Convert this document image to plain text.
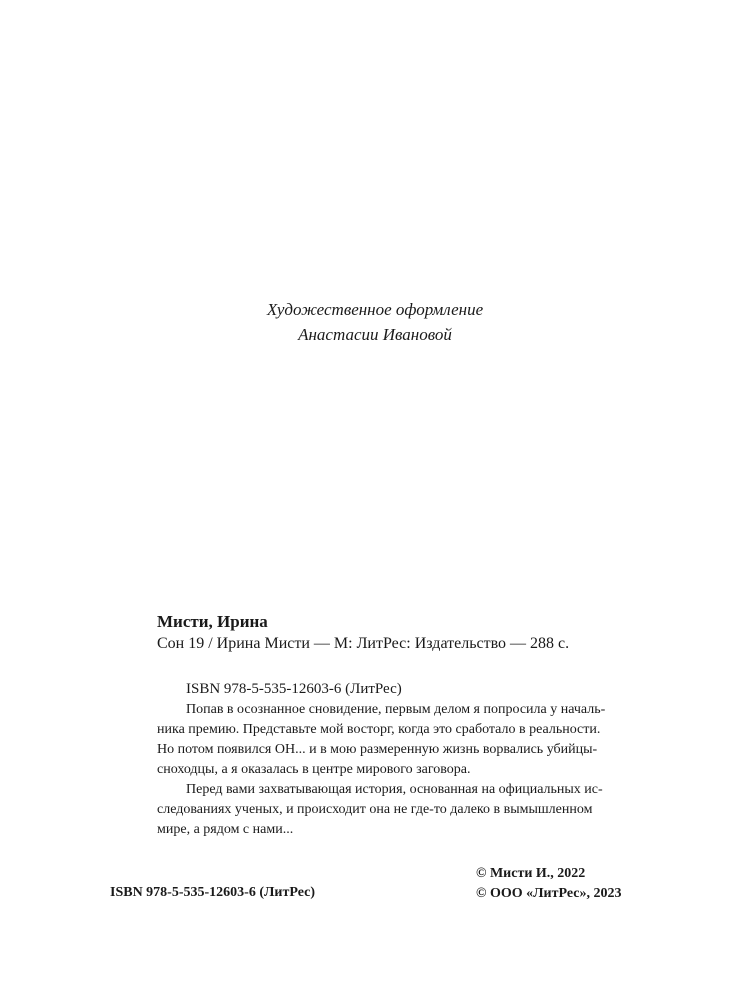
Художественное оформление
Анастасии Ивановой

Мисти, Ирина

Сон 19 / Ирина Мисти — М: ЛитРес: Издательство — 288 с.

ISBN 978-5-535-12603-6 (ЛитРес)
Попав в осознанное сновидение, первым делом я попросила у началь-
ника премию. Представьте мой восторг, когда это сработало в реальности.
Но потом появился ОН... и в мою размеренную жизнь ворвались убийцы-
сноходцы, а я оказалась в центре мирового заговора.
Перед вами захватывающая история, основанная на официальных ис-
следованиях ученых, и происходит она не где-то далеко в вымышленном
мире, а рядом с нами...
ISBN 978-5-535-12603-6 (ЛитРес)
© Мисти И., 2022
© ООО «ЛитРес», 2023
